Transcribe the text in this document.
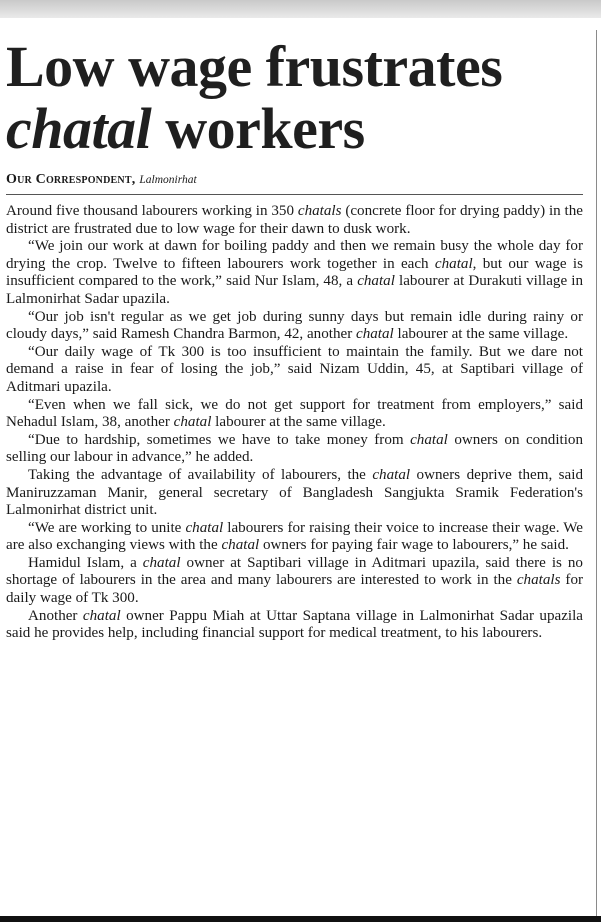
Low wage frustrates
chatal workers
Our Correspondent, Lalmonirhat

Around five thousand labourers working in 350 chatals (concrete floor for drying paddy) in the district are frustrated due to low wage for their dawn to dusk work.

“We join our work at dawn for boiling paddy and then we remain busy the whole day for drying the crop. Twelve to fifteen labourers work together in each chatal, but our wage is insufficient compared to the work,” said Nur Islam, 48, a chatal labourer at Durakuti village in Lalmonirhat Sadar upazila.

“Our job isn't regular as we get job during sunny days but remain idle during rainy or cloudy days,” said Ramesh Chandra Barmon, 42, another chatal labourer at the same village.

“Our daily wage of Tk 300 is too insufficient to maintain the family. But we dare not demand a raise in fear of losing the job,” said Nizam Uddin, 45, at Saptibari village of Aditmari upazila.

“Even when we fall sick, we do not get support for treatment from employers,” said Nehadul Islam, 38, another chatal labourer at the same village.

“Due to hardship, sometimes we have to take money from chatal owners on condition selling our labour in advance,” he added.

Taking the advantage of availability of labourers, the chatal owners deprive them, said Maniruzzaman Manir, general secretary of Bangladesh Sangjukta Sramik Federation's Lalmonirhat district unit.

“We are working to unite chatal labourers for raising their voice to increase their wage. We are also exchanging views with the chatal owners for paying fair wage to labourers,” he said.

Hamidul Islam, a chatal owner at Saptibari village in Aditmari upazila, said there is no shortage of labourers in the area and many labourers are interested to work in the chatals for daily wage of Tk 300.

Another chatal owner Pappu Miah at Uttar Saptana village in Lalmonirhat Sadar upazila said he provides help, including financial support for medical treatment, to his labourers.
